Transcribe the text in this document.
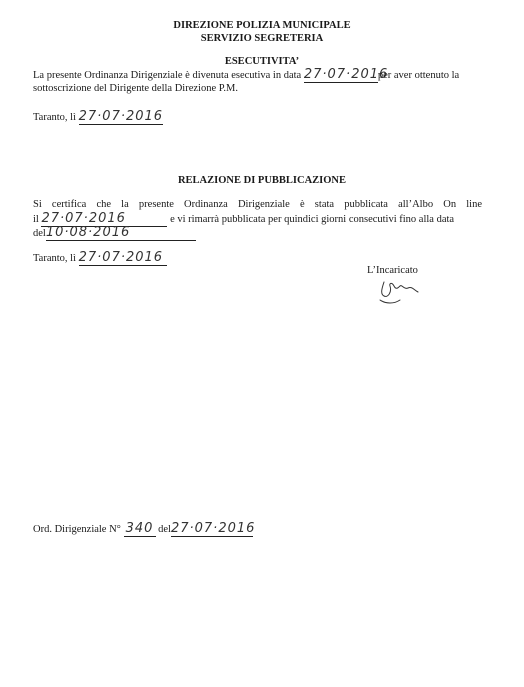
DIREZIONE POLIZIA MUNICIPALE
SERVIZIO SEGRETERIA
ESECUTIVITA’
La presente Ordinanza Dirigenziale è divenuta esecutiva in data 27·07·2016per aver ottenuto la
sottoscrizione del Dirigente della Direzione P.M.
Taranto, lì 27·07·2016
RELAZIONE DI PUBBLICAZIONE
Si certifica che la presente Ordinanza Dirigenziale è stata pubblicata all’Albo On line
il 27·07·2016	e vi rimarrà pubblicata per quindici giorni consecutivi fino alla data
del10·08·2016
Taranto, lì 27·07·2016
L’Incaricato
Ord. Dirigenziale N° 340 del27·07·2016
